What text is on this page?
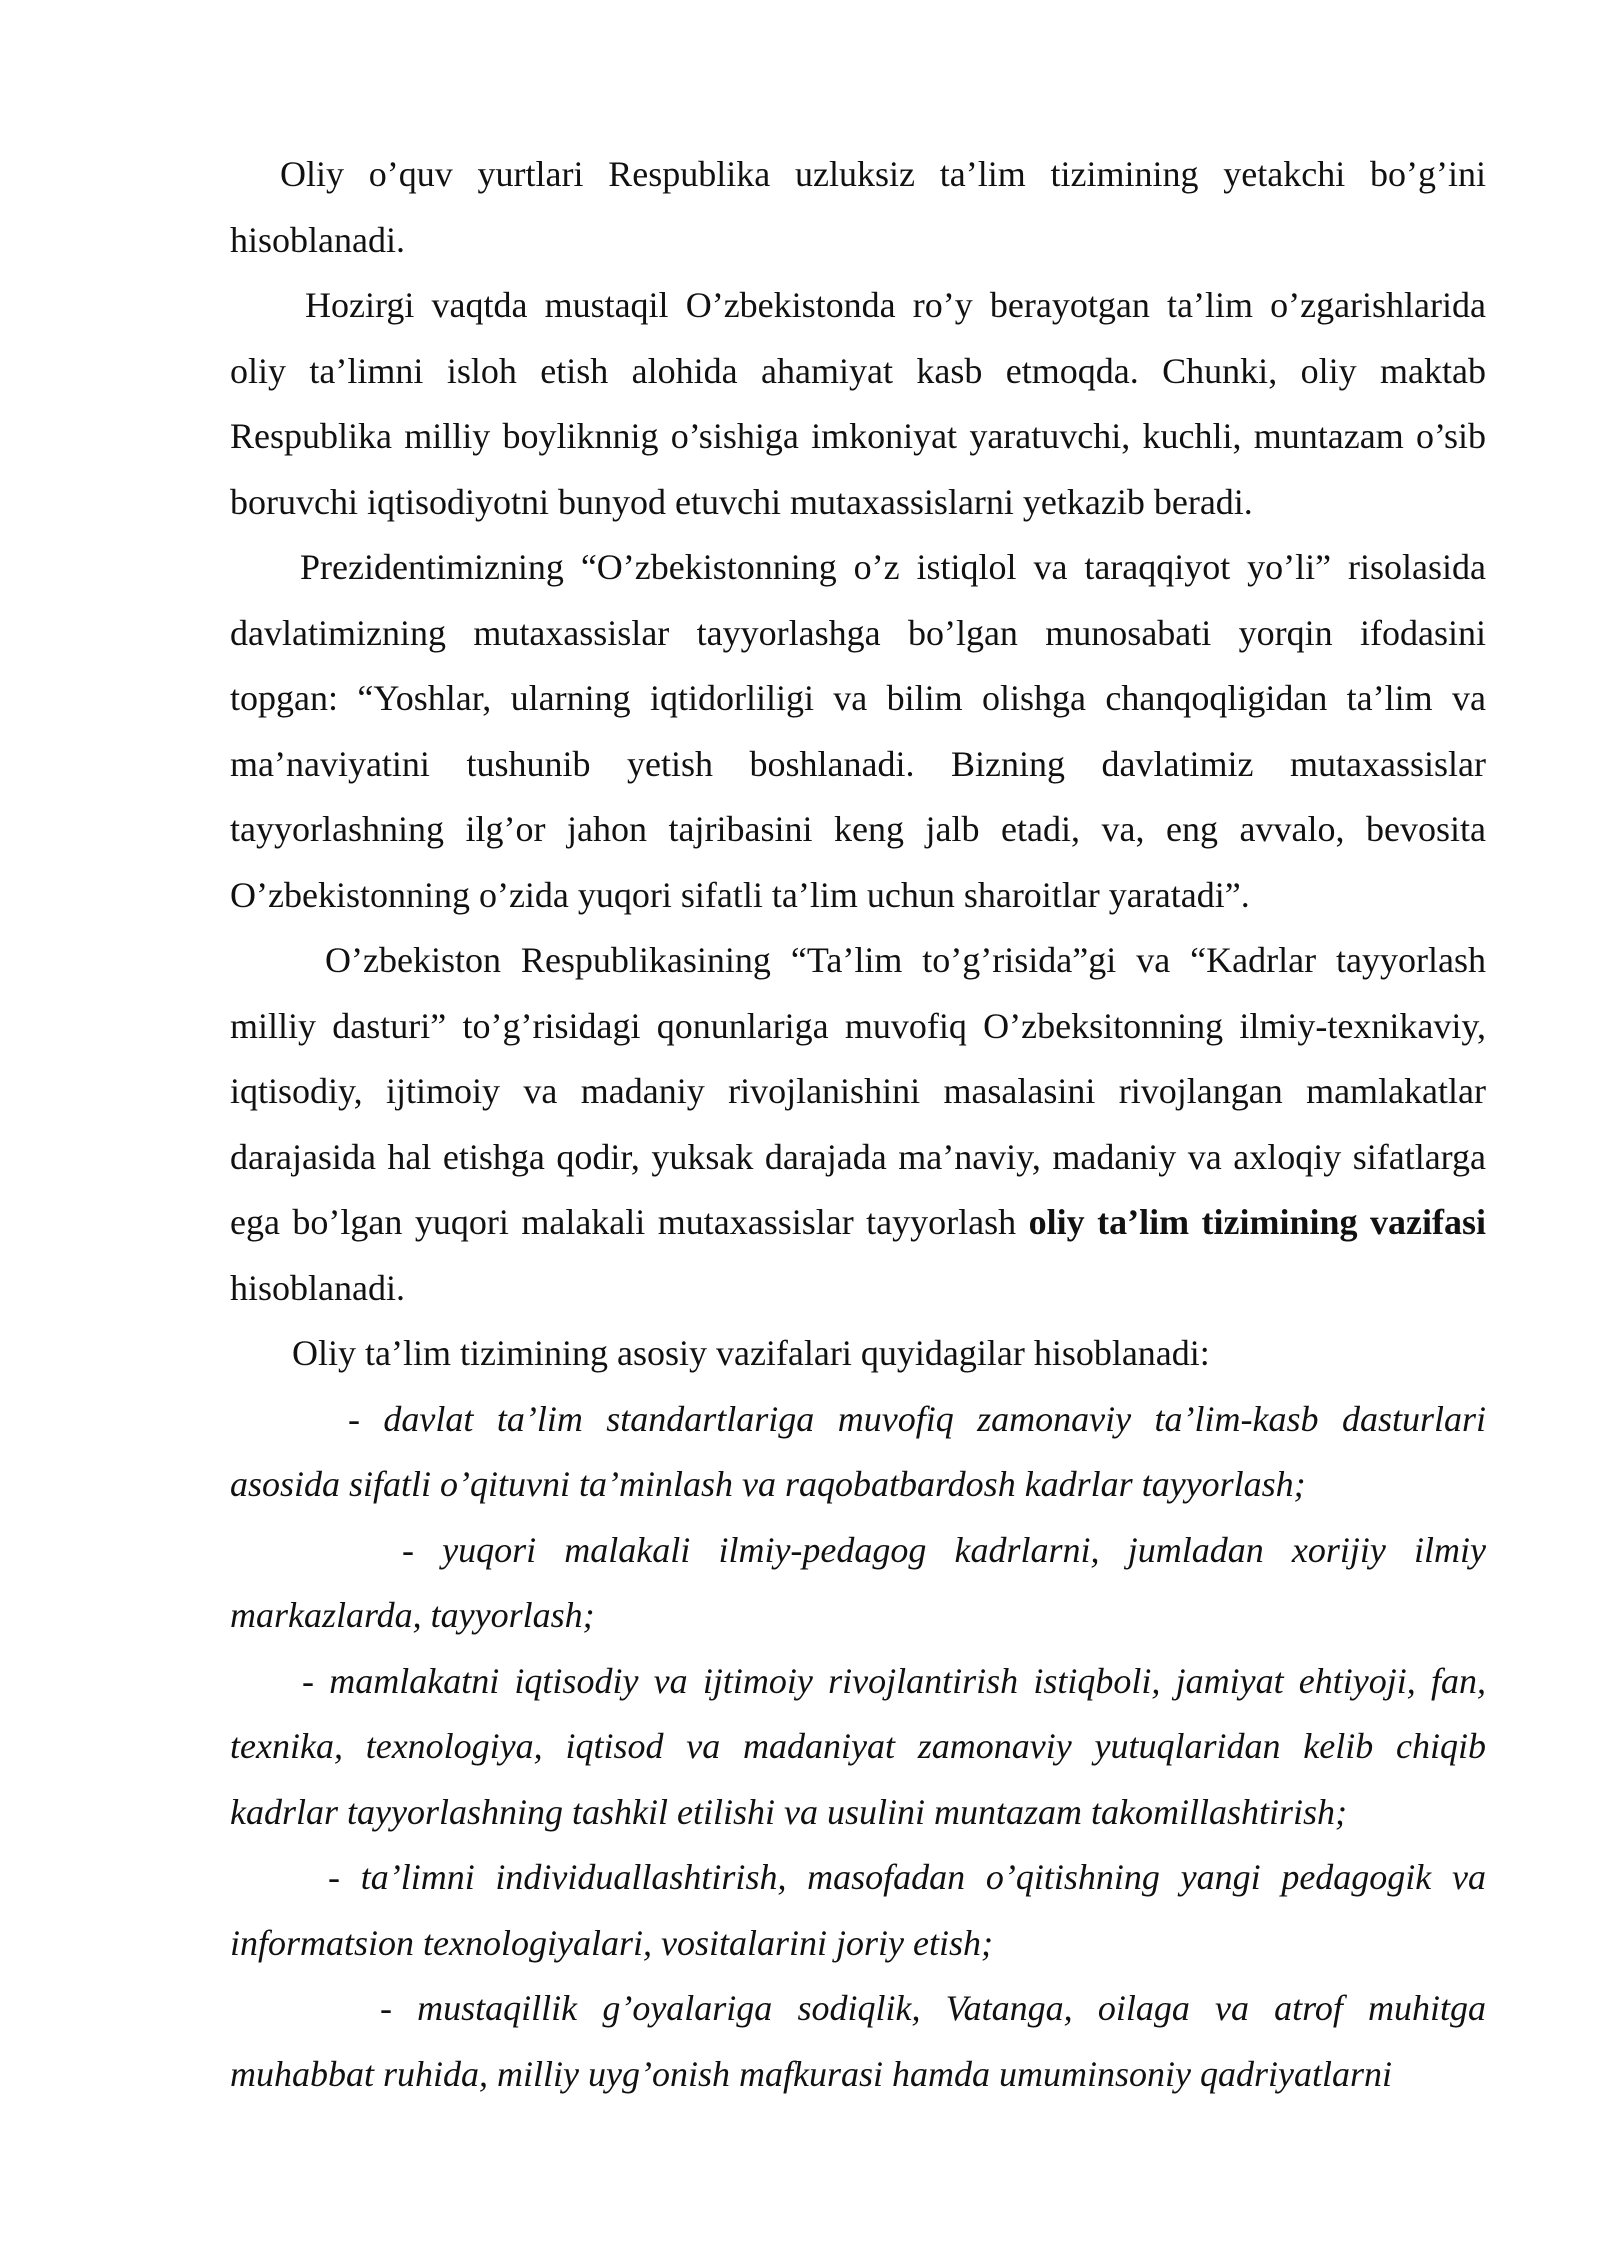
Oliy o’quv yurtlari Respublika uzluksiz ta’lim tizimining yetakchi bo’g’ini hisoblanadi.

Hozirgi vaqtda mustaqil O’zbekistonda ro’y berayotgan ta’lim o’zgarishlarida oliy ta’limni isloh etish alohida ahamiyat kasb etmoqda. Chunki, oliy maktab Respublika milliy boyliknnig o’sishiga imkoniyat yaratuvchi, kuchli, muntazam o’sib boruvchi iqtisodiyotni bunyod etuvchi mutaxassislarni yetkazib beradi.

Prezidentimizning “O’zbekistonning o’z istiqlol va taraqqiyot yo’li” risolasida davlatimizning mutaxassislar tayyorlashga bo’lgan munosabati yorqin ifodasini topgan: “Yoshlar, ularning iqtidorliligi va bilim olishga chanqoqligidan ta’lim va ma’naviyatini tushunib yetish boshlanadi. Bizning davlatimiz mutaxassislar tayyorlashning ilg’or jahon tajribasini keng jalb etadi, va, eng avvalo, bevosita O’zbekistonning o’zida yuqori sifatli ta’lim uchun sharoitlar yaratadi”.

O’zbekiston Respublikasining “Ta’lim to’g’risida”gi va “Kadrlar tayyorlash milliy dasturi” to’g’risidagi qonunlariga muvofiq O’zbeksitonning ilmiy-texnikaviy, iqtisodiy, ijtimoiy va madaniy rivojlanishini masalasini rivojlangan mamlakatlar darajasida hal etishga qodir, yuksak darajada ma’naviy, madaniy va axloqiy sifatlarga ega bo’lgan yuqori malakali mutaxassislar tayyorlash oliy ta’lim tizimining vazifasi hisoblanadi.

Oliy ta’lim tizimining asosiy vazifalari quyidagilar hisoblanadi:

- davlat ta’lim standartlariga muvofiq zamonaviy ta’lim-kasb dasturlari asosida sifatli o’qituvni ta’minlash va raqobatbardosh kadrlar tayyorlash;

- yuqori malakali ilmiy-pedagog kadrlarni, jumladan xorijiy ilmiy markazlarda, tayyorlash;

- mamlakatni iqtisodiy va ijtimoiy rivojlantirish istiqboli, jamiyat ehtiyoji, fan, texnika, texnologiya, iqtisod va madaniyat zamonaviy yutuqlaridan kelib chiqib kadrlar tayyorlashning tashkil etilishi va usulini muntazam takomillashtirish;

- ta’limni individuallashtirish, masofadan o’qitishning yangi pedagogik va informatsion texnologiyalari, vositalarini joriy etish;

- mustaqillik g’oyalariga sodiqlik, Vatanga, oilaga va atrof muhitga muhabbat ruhida, milliy uyg’onish mafkurasi hamda umuminsoniy qadriyatlarni
